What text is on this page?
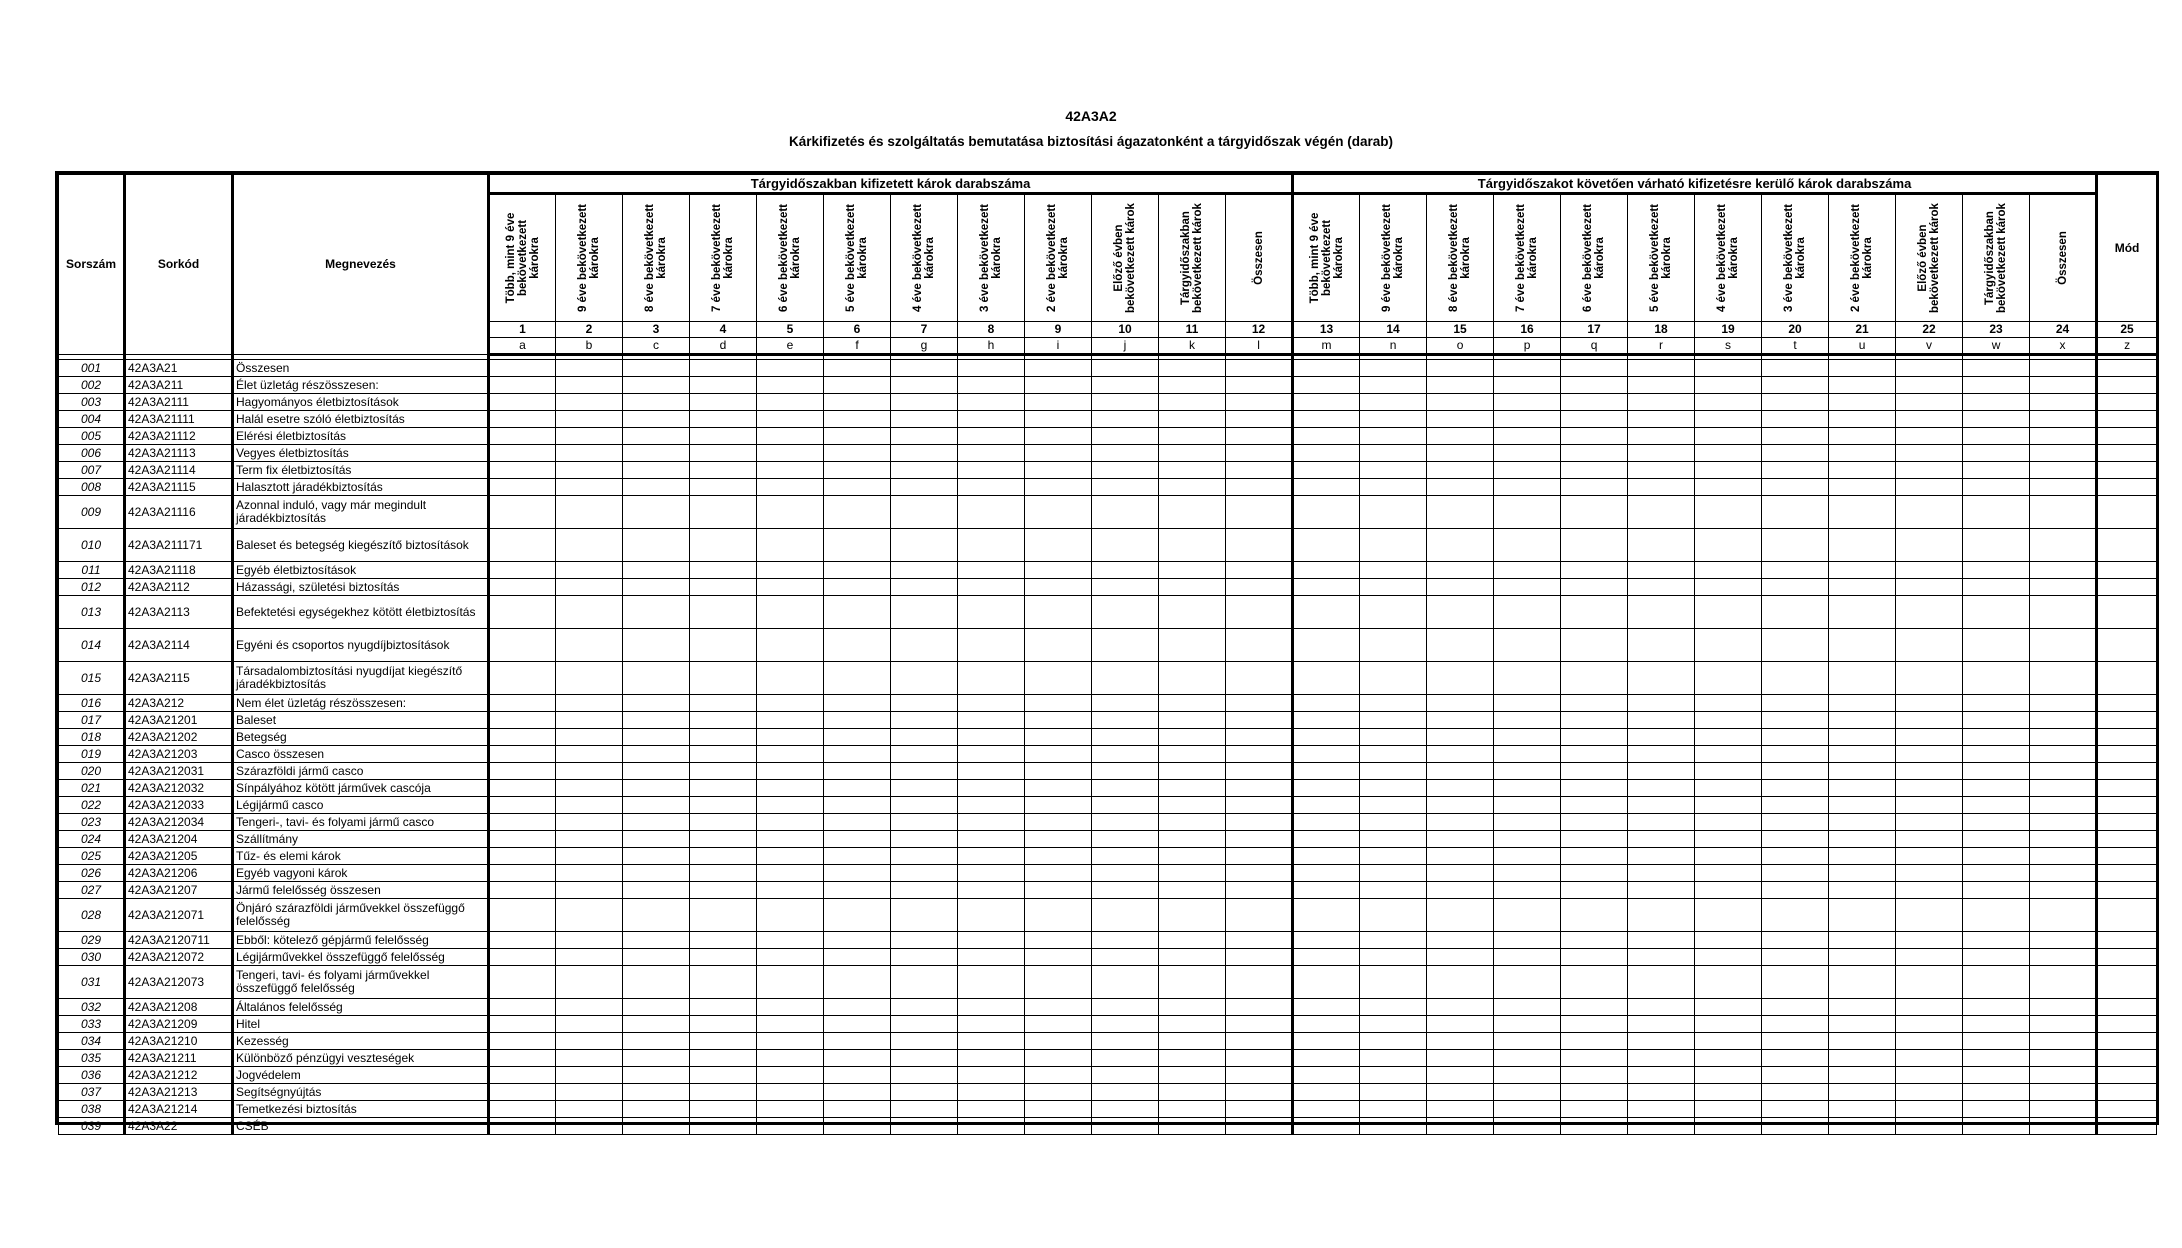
42A3A2
Kárkifizetés és szolgáltatás bemutatása biztosítási ágazatonként a tárgyidőszak végén (darab)
Sorszám	Sorkód	Megnevezés	Tárgyidőszakban kifizetett károk darabszáma												Tárgyidőszakot követően várható kifizetésre kerülő károk darabszáma												Mód

			Több, mint 9 éve bekövetkezett károkra	9 éve bekövetkezett károkra	8 éve bekövetkezett károkra	7 éve bekövetkezett károkra	6 éve bekövetkezett károkra	5 éve bekövetkezett károkra	4 éve bekövetkezett károkra	3 éve bekövetkezett károkra	2 éve bekövetkezett károkra	Előző évben bekövetkezett károk	Tárgyidőszakban bekövetkezett károk	Összesen	Több, mint 9 éve bekövetkezett károkra	9 éve bekövetkezett károkra	8 éve bekövetkezett károkra	7 éve bekövetkezett károkra	6 éve bekövetkezett károkra	5 éve bekövetkezett károkra	4 éve bekövetkezett károkra	3 éve bekövetkezett károkra	2 éve bekövetkezett károkra	Előző évben bekövetkezett károk	Tárgyidőszakban bekövetkezett károk	Összesen	

			1	2	3	4	5	6	7	8	9	10	11	12	13	14	15	16	17	18	19	20	21	22	23	24	25
			a	b	c	d	e	f	g	h	i	j	k	l	m	n	o	p	q	r	s	t	u	v	w	x	z

001	42A3A21	Összesen																									
002	42A3A211	Élet üzletág részösszesen:																									
003	42A3A2111	Hagyományos életbiztosítások																									
004	42A3A21111	Halál esetre szóló életbiztosítás																									
005	42A3A21112	Elérési életbiztosítás																									
006	42A3A21113	Vegyes életbiztosítás																									
007	42A3A21114	Term fix életbiztosítás																									
008	42A3A21115	Halasztott járadékbiztosítás																									
009	42A3A21116	Azonnal induló, vagy már megindult járadékbiztosítás																									
010	42A3A211171	Baleset és betegség kiegészítő biztosítások																									
011	42A3A21118	Egyéb életbiztosítások																									
012	42A3A2112	Házassági, születési biztosítás																									
013	42A3A2113	Befektetési egységekhez kötött életbiztosítás																									
014	42A3A2114	Egyéni és csoportos nyugdíjbiztosítások																									
015	42A3A2115	Társadalombiztosítási nyugdíjat kiegészítő járadékbiztosítás																									
016	42A3A212	Nem élet üzletág részösszesen:																									
017	42A3A21201	Baleset																									
018	42A3A21202	Betegség																									
019	42A3A21203	Casco összesen																									
020	42A3A212031	Szárazföldi jármű casco																									
021	42A3A212032	Sínpályához kötött járművek cascója																									
022	42A3A212033	Légijármű casco																									
023	42A3A212034	Tengeri-, tavi- és folyami jármű casco																									
024	42A3A21204	Szállítmány																									
025	42A3A21205	Tűz- és elemi károk																									
026	42A3A21206	Egyéb vagyoni károk																									
027	42A3A21207	Jármű felelősség összesen																									
028	42A3A212071	Önjáró szárazföldi járművekkel összefüggő felelősség																									
029	42A3A2120711	Ebből: kötelező gépjármű felelősség																									
030	42A3A212072	Légijárművekkel összefüggő felelősség																									
031	42A3A212073	Tengeri, tavi- és folyami járművekkel összefüggő felelősség																									
032	42A3A21208	Általános felelősség																									
033	42A3A21209	Hitel																									
034	42A3A21210	Kezesség																									
035	42A3A21211	Különböző pénzügyi veszteségek																									
036	42A3A21212	Jogvédelem																									
037	42A3A21213	Segítségnyújtás																									
038	42A3A21214	Temetkezési biztosítás																									
039	42A3A22	CSÉB																									
